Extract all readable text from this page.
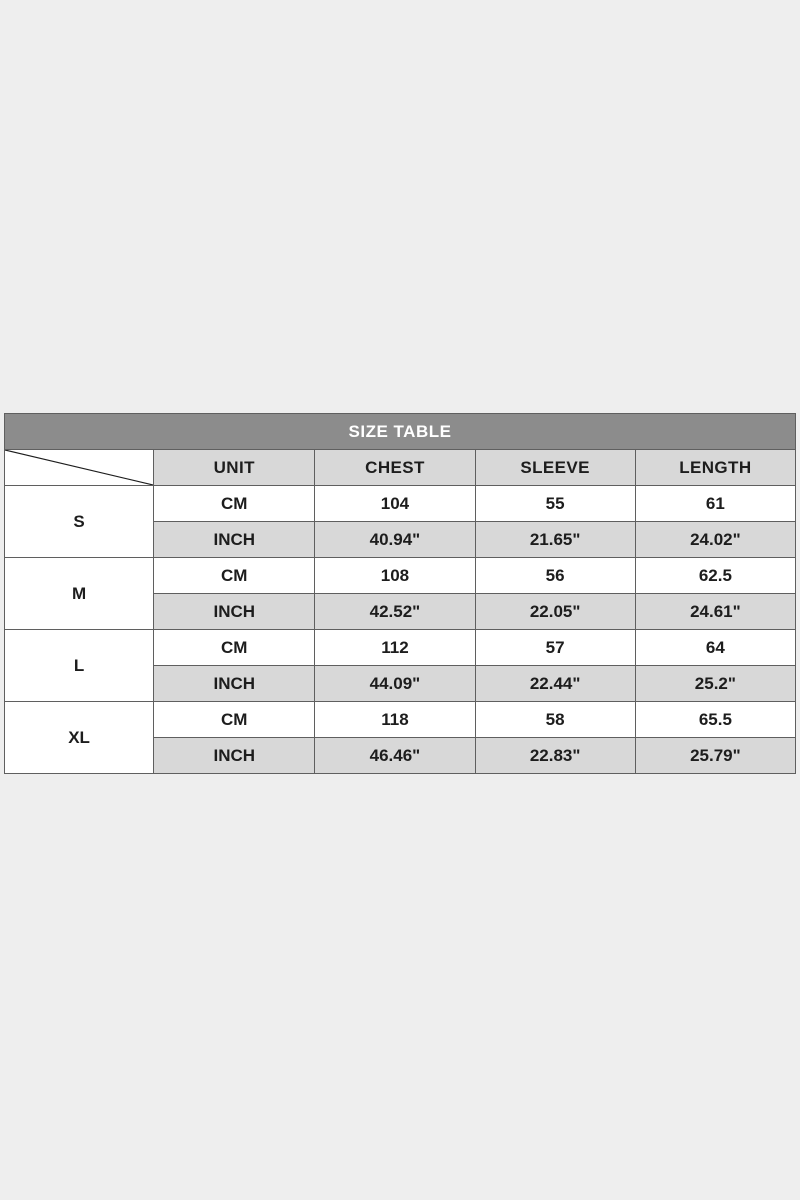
SIZE TABLE				

	UNIT	CHEST	SLEEVE	LENGTH
S	CM	104	55	61
	INCH	40.94"	21.65"	24.02"
M	CM	108	56	62.5
	INCH	42.52"	22.05"	24.61"
L	CM	112	57	64
	INCH	44.09"	22.44"	25.2"
XL	CM	118	58	65.5
	INCH	46.46"	22.83"	25.79"
